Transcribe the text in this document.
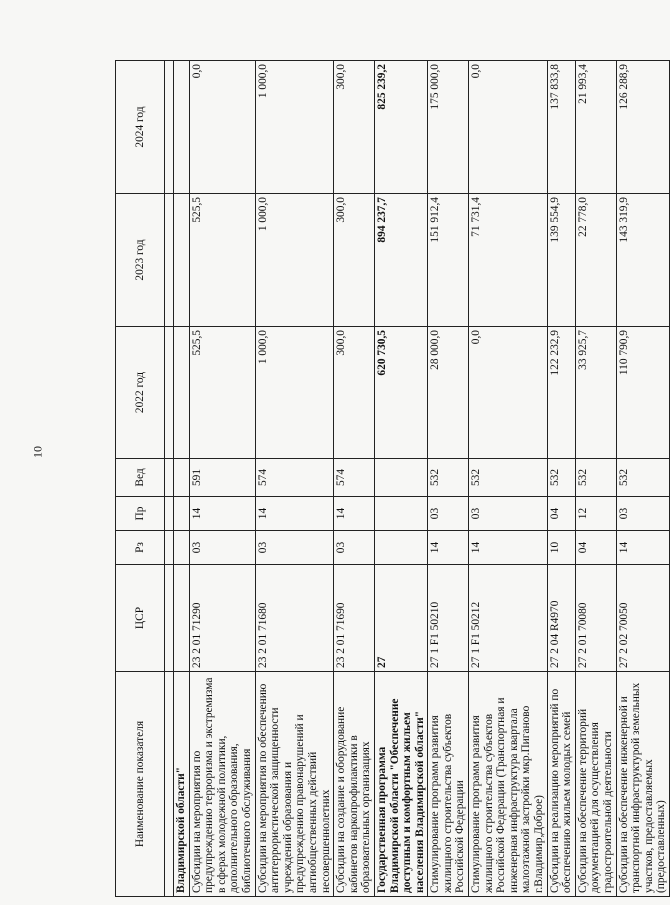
10
Наименование показателя	ЦСР	Рз	Пр	Вед	2022 год	2023 год	2024 год

Владимирской области"							
Субсидии на мероприятия по предупреждению терроризма и экстремизма в сферах молодежной политики, дополнительного образования, библиотечного обслуживания	23 2 01 71290	03	14	591	525,5	525,5	0,0
Субсидии на мероприятия по обеспечению антитеррористической защищенности учреждений образования и предупреждению правонарушений и антиобщественных действий несовершеннолетних	23 2 01 71680	03	14	574	1 000,0	1 000,0	1 000,0
Субсидии на создание и оборудование кабинетов наркопрофилактики в образовательных организациях	23 2 01 71690	03	14	574	300,0	300,0	300,0
Государственная программа Владимирской области "Обеспечение доступным и комфортным жильем населения Владимирской области"	27				620 730,5	894 237,7	825 239,2
Стимулирование программ развития жилищного строительства субъектов Российской Федерации	27 1 F1 50210	14	03	532	28 000,0	151 912,4	175 000,0
Стимулирование программ развития жилищного строительства субъектов Российской Федерации (Транспортная и инженерная инфраструктура квартала малоэтажной застройки мкр.Пиганово г.Владимир,Доброе)	27 1 F1 50212	14	03	532	0,0	71 731,4	0,0
Субсидии на реализацию мероприятий по обеспечению жильем молодых семей	27 2 04 R4970	10	04	532	122 232,9	139 554,9	137 833,8
Субсидии на обеспечение территорий документацией для осуществления градостроительной деятельности	27 2 01 70080	04	12	532	33 925,7	22 778,0	21 993,4
Субсидии на обеспечение инженерной и транспортной инфраструктурой земельных участков, предоставляемых (предоставленных)	27 2 02 70050	14	03	532	110 790,9	143 319,9	126 288,9
